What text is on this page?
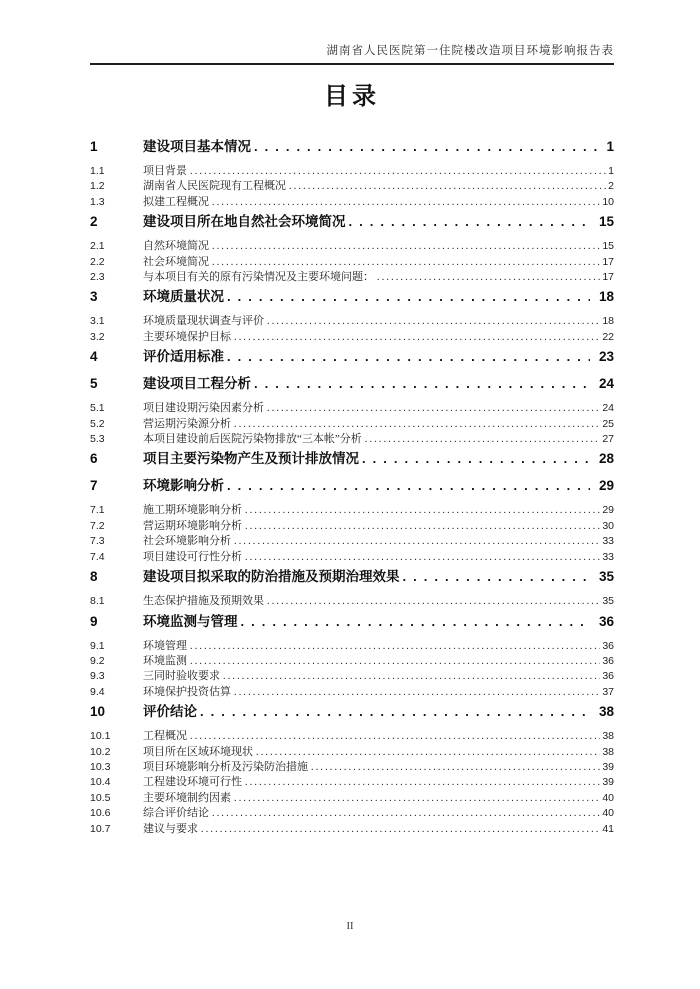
湖南省人民医院第一住院楼改造项目环境影响报告表
目录
1	建设项目基本情况 .....	1
1.1	项目背景 .....	1
1.2	湖南省人民医院现有工程概况 .....	2
1.3	拟建工程概况 .....	10
2	建设项目所在地自然社会环境简况 .....	15
2.1	自然环境简况 .....	15
2.2	社会环境简况 .....	17
2.3	与本项目有关的原有污染情况及主要环境问题： .....	17
3	环境质量状况 .....	18
3.1	环境质量现状调查与评价 .....	18
3.2	主要环境保护目标 .....	22
4	评价适用标准 .....	23
5	建设项目工程分析 .....	24
5.1	项目建设期污染因素分析 .....	24
5.2	营运期污染源分析 .....	25
5.3	本项目建设前后医院污染物排放“三本帐”分析 .....	27
6	项目主要污染物产生及预计排放情况 .....	28
7	环境影响分析 .....	29
7.1	施工期环境影响分析 .....	29
7.2	营运期环境影响分析 .....	30
7.3	社会环境影响分析 .....	33
7.4	项目建设可行性分析 .....	33
8	建设项目拟采取的防治措施及预期治理效果 .....	35
8.1	生态保护措施及预期效果 .....	35
9	环境监测与管理 .....	36
9.1	环境管理 .....	36
9.2	环境监测 .....	36
9.3	三同时验收要求 .....	36
9.4	环境保护投资估算 .....	37
10	评价结论 .....	38
10.1	工程概况 .....	38
10.2	项目所在区域环境现状 .....	38
10.3	项目环境影响分析及污染防治措施 .....	39
10.4	工程建设环境可行性 .....	39
10.5	主要环境制约因素 .....	40
10.6	综合评价结论 .....	40
10.7	建议与要求 .....	41
II
